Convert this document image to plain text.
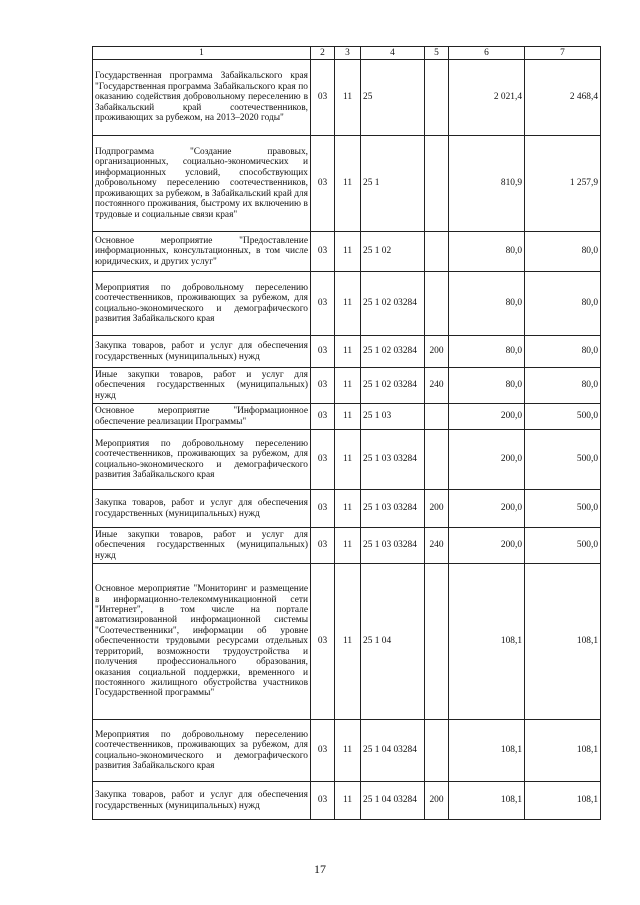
1	2	3	4	5	6	7
Государственная программа Забайкальского края "Государственная программа Забайкальского края по оказанию содействия добровольному переселению в Забайкальский край соотечественников, проживающих за рубежом, на 2013–2020 годы"	03	11	25		2 021,4	2 468,4
Подпрограмма "Создание правовых, организационных, социально-экономических и информационных условий, способствующих добровольному переселению соотечественников, проживающих за рубежом, в Забайкальский край для постоянного проживания, быстрому их включению в трудовые и социальные связи края"	03	11	25 1		810,9	1 257,9
Основное мероприятие "Предоставление информационных, консультационных, в том числе юридических, и других услуг"	03	11	25 1 02		80,0	80,0
Мероприятия по добровольному переселению соотечественников, проживающих за рубежом, для социально-экономического и демографического развития Забайкальского края	03	11	25 1 02 03284		80,0	80,0
Закупка товаров, работ и услуг для обеспечения государственных (муниципальных) нужд	03	11	25 1 02 03284	200	80,0	80,0
Иные закупки товаров, работ и услуг для обеспечения государственных (муниципальных) нужд	03	11	25 1 02 03284	240	80,0	80,0
Основное мероприятие "Информационное обеспечение реализации Программы"	03	11	25 1 03		200,0	500,0
Мероприятия по добровольному переселению соотечественников, проживающих за рубежом, для социально-экономического и демографического развития Забайкальского края	03	11	25 1 03 03284		200,0	500,0
Закупка товаров, работ и услуг для обеспечения государственных (муниципальных) нужд	03	11	25 1 03 03284	200	200,0	500,0
Иные закупки товаров, работ и услуг для обеспечения государственных (муниципальных) нужд	03	11	25 1 03 03284	240	200,0	500,0
Основное мероприятие "Мониторинг и размещение в информационно-телекоммуникационной сети "Интернет", в том числе на портале автоматизированной информационной системы "Соотечественники", информации об уровне обеспеченности трудовыми ресурсами отдельных территорий, возможности трудоустройства и получения профессионального образования, оказания социальной поддержки, временного и постоянного жилищного обустройства участников Государственной программы"	03	11	25 1 04		108,1	108,1
Мероприятия по добровольному переселению соотечественников, проживающих за рубежом, для социально-экономического и демографического развития Забайкальского края	03	11	25 1 04 03284		108,1	108,1
Закупка товаров, работ и услуг для обеспечения государственных (муниципальных) нужд	03	11	25 1 04 03284	200	108,1	108,1
17
